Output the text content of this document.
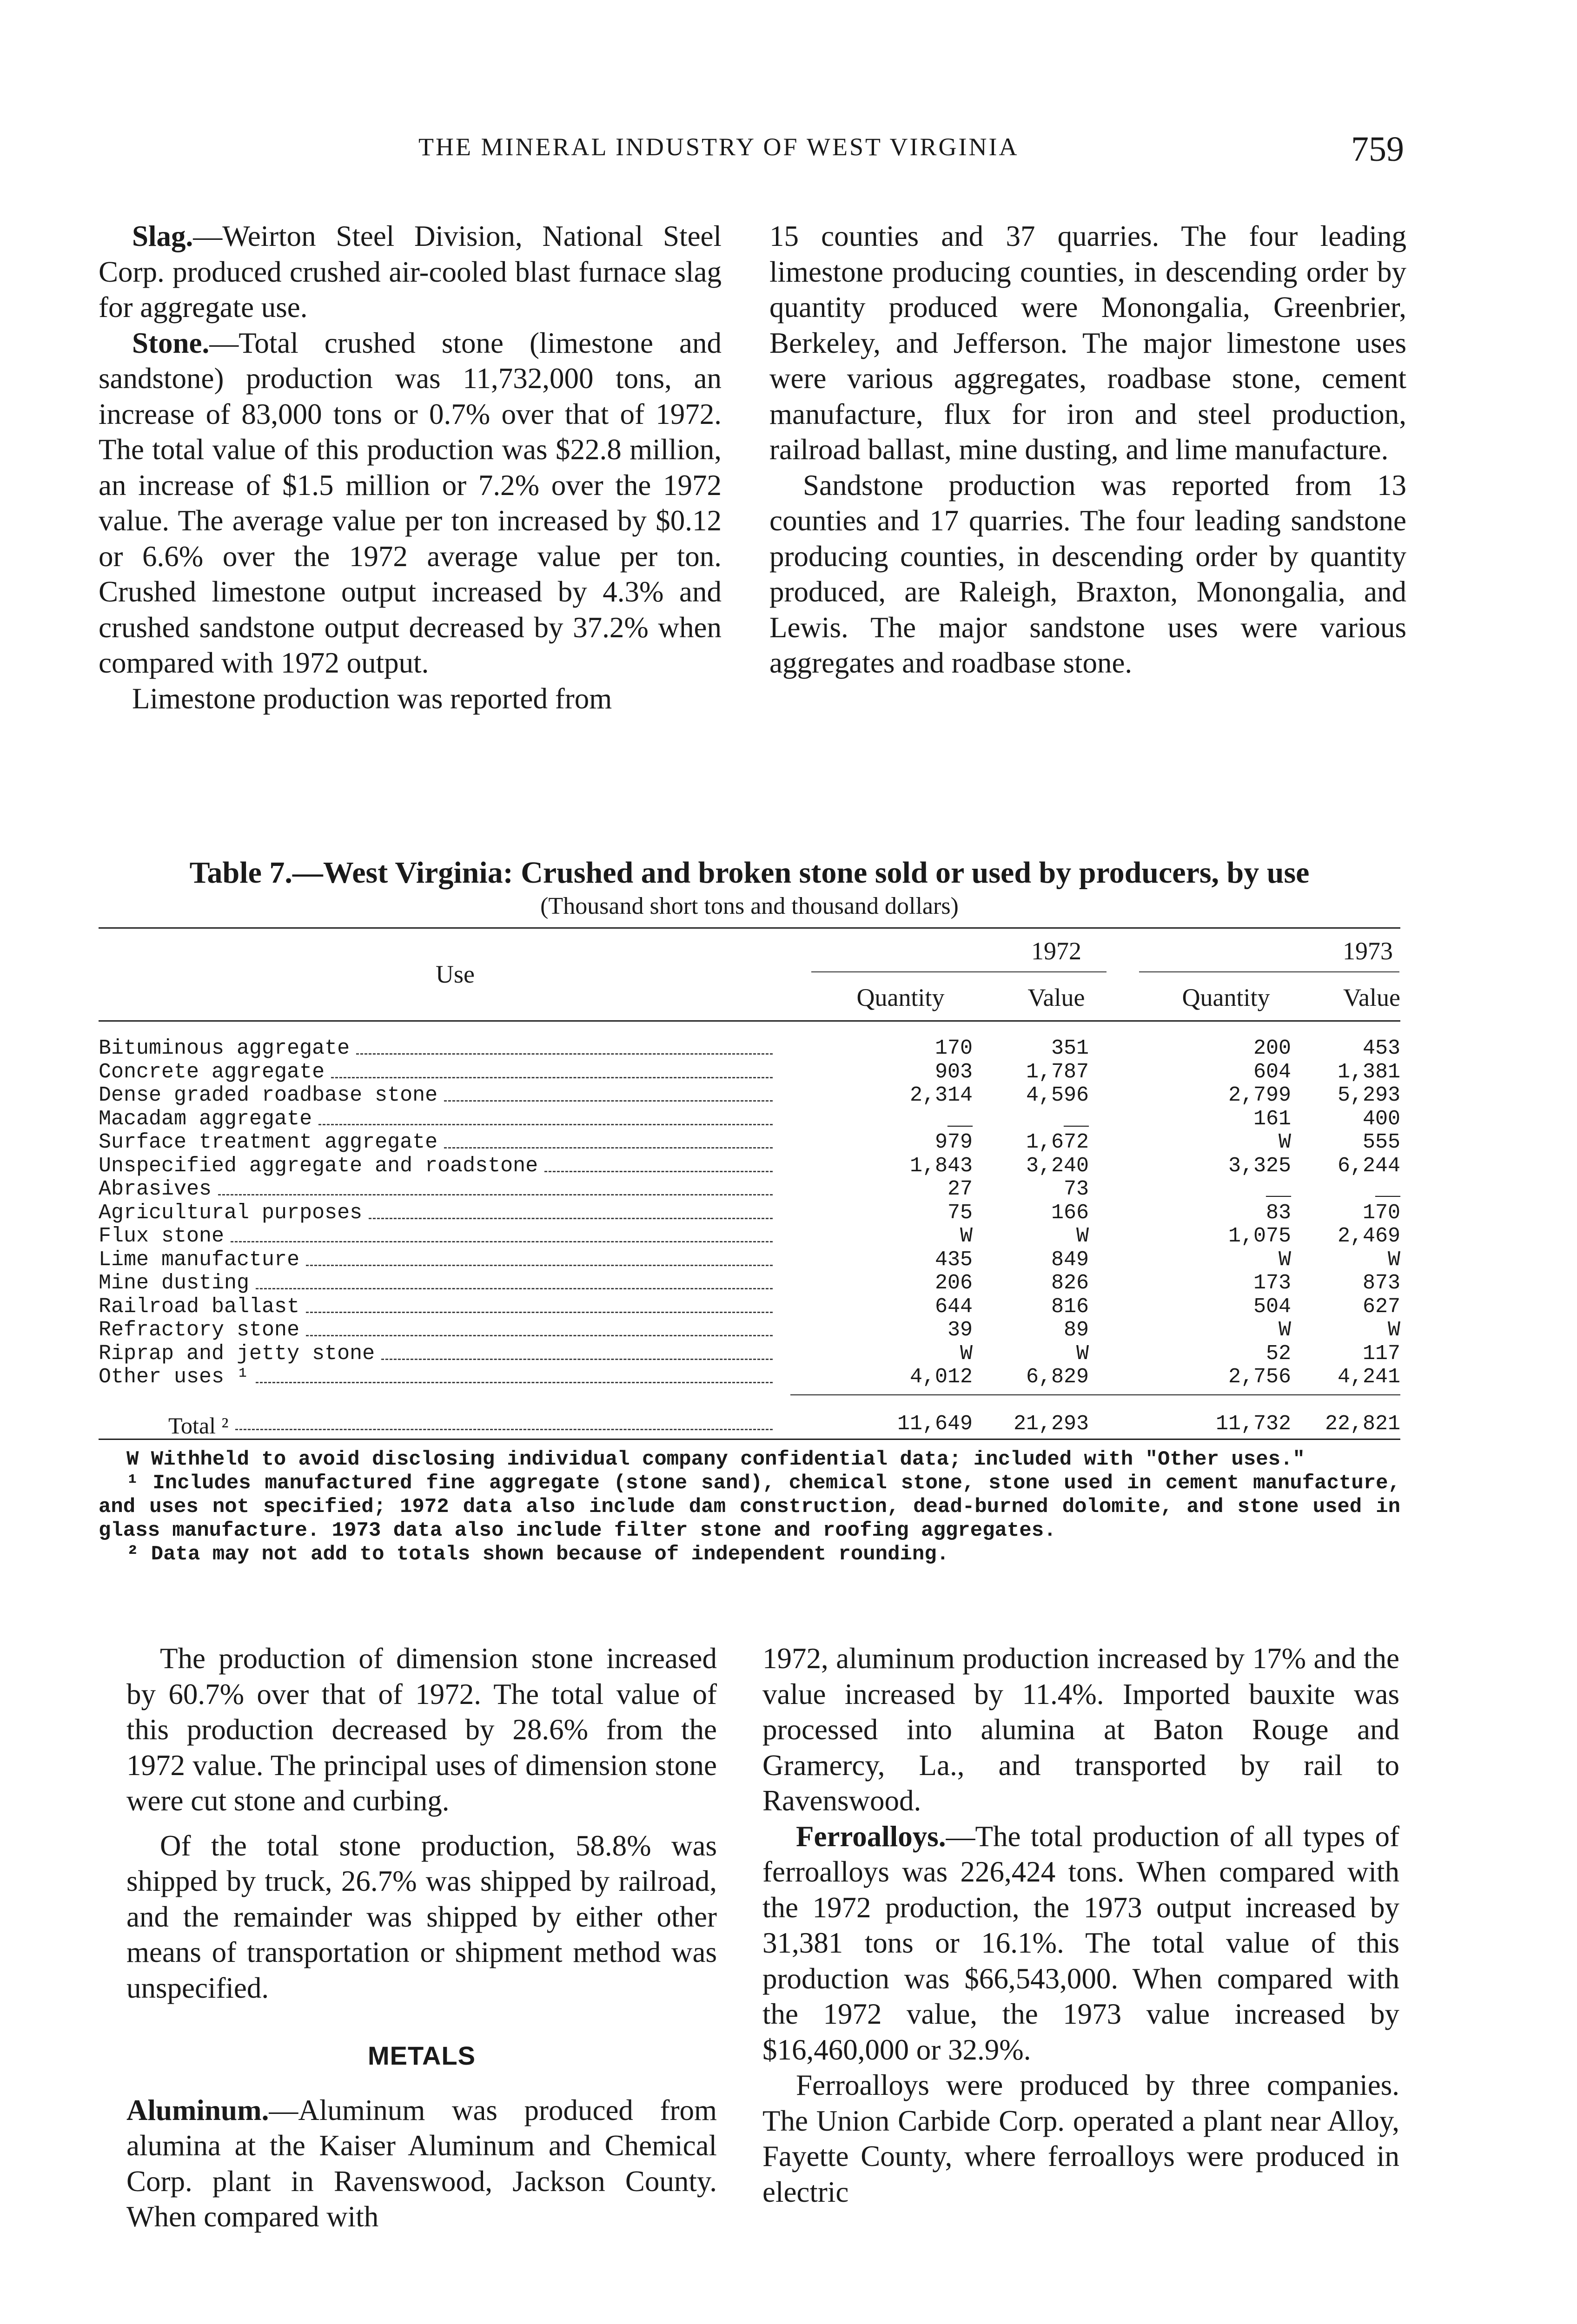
THE MINERAL INDUSTRY OF WEST VIRGINIA	759

Slag.—Weirton Steel Division, National Steel Corp. produced crushed air-cooled blast furnace slag for aggregate use.

Stone.—Total crushed stone (limestone and sandstone) production was 11,732,000 tons, an increase of 83,000 tons or 0.7% over that of 1972. The total value of this production was $22.8 million, an increase of $1.5 million or 7.2% over the 1972 value. The average value per ton increased by $0.12 or 6.6% over the 1972 average value per ton. Crushed limestone output increased by 4.3% and crushed sandstone output decreased by 37.2% when compared with 1972 output.

Limestone production was reported from

15 counties and 37 quarries. The four leading limestone producing counties, in descending order by quantity produced were Monongalia, Greenbrier, Berkeley, and Jefferson. The major limestone uses were various aggregates, roadbase stone, cement manufacture, flux for iron and steel production, railroad ballast, mine dusting, and lime manufacture.

Sandstone production was reported from 13 counties and 17 quarries. The four leading sandstone producing counties, in descending order by quantity produced, are Raleigh, Braxton, Monongalia, and Lewis. The major sandstone uses were various aggregates and roadbase stone.

Table 7.—West Virginia: Crushed and broken stone sold or used by producers, by use
(Thousand short tons and thousand dollars)
Use
1972	1973
Quantity	Value	Quantity	Value
Bituminous aggregate	170	351	200	453
Concrete aggregate	903	1,787	604	1,381
Dense graded roadbase stone	2,314	4,596	2,799	5,293
Macadam aggregate	__	__	161	400
Surface treatment aggregate	979	1,672	W	555
Unspecified aggregate and roadstone	1,843	3,240	3,325	6,244
Abrasives	27	73	__	__
Agricultural purposes	75	166	83	170
Flux stone	W	W	1,075	2,469
Lime manufacture	435	849	W	W
Mine dusting	206	826	173	873
Railroad ballast	644	816	504	627
Refractory stone	39	89	W	W
Riprap and jetty stone	W	W	52	117
Other uses ¹	4,012	6,829	2,756	4,241
Total ²	11,649	21,293	11,732	22,821
W Withheld to avoid disclosing individual company confidential data; included with "Other uses."
¹ Includes manufactured fine aggregate (stone sand), chemical stone, stone used in cement manufacture, and uses not specified; 1972 data also include dam construction, dead-burned dolomite, and stone used in glass manufacture. 1973 data also include filter stone and roofing aggregates.
² Data may not add to totals shown because of independent rounding.

The production of dimension stone increased by 60.7% over that of 1972. The total value of this production decreased by 28.6% from the 1972 value. The principal uses of dimension stone were cut stone and curbing.

Of the total stone production, 58.8% was shipped by truck, 26.7% was shipped by railroad, and the remainder was shipped by either other means of transportation or shipment method was unspecified.

METALS

Aluminum.—Aluminum was produced from alumina at the Kaiser Aluminum and Chemical Corp. plant in Ravenswood, Jackson County. When compared with

1972, aluminum production increased by 17% and the value increased by 11.4%. Imported bauxite was processed into alumina at Baton Rouge and Gramercy, La., and transported by rail to Ravenswood.

Ferroalloys.—The total production of all types of ferroalloys was 226,424 tons. When compared with the 1972 production, the 1973 output increased by 31,381 tons or 16.1%. The total value of this production was $66,543,000. When compared with the 1972 value, the 1973 value increased by $16,460,000 or 32.9%.

Ferroalloys were produced by three companies. The Union Carbide Corp. operated a plant near Alloy, Fayette County, where ferroalloys were produced in electric
